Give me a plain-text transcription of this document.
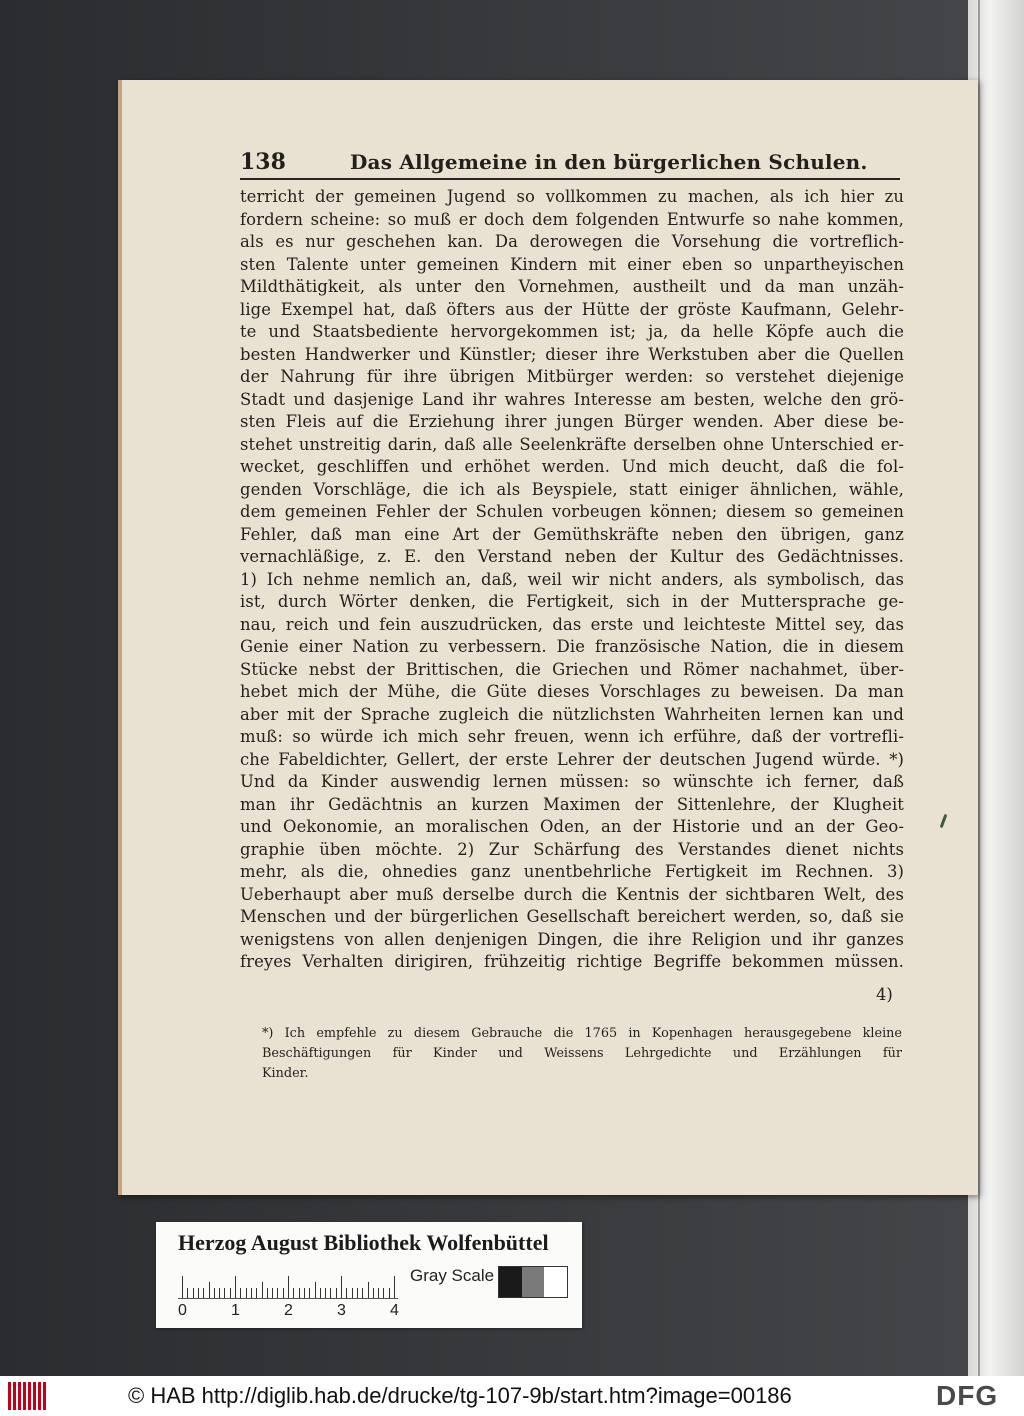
138	Das Allgemeine in den bürgerlichen Schulen.
terricht der gemeinen Jugend so vollkommen zu machen, als ich hier zu
fordern scheine: so muß er doch dem folgenden Entwurfe so nahe kommen,
als es nur geschehen kan. Da derowegen die Vorsehung die vortreflich-
sten Talente unter gemeinen Kindern mit einer eben so unpartheyischen
Mildthätigkeit, als unter den Vornehmen, austheilt und da man unzäh-
lige Exempel hat, daß öfters aus der Hütte der gröste Kaufmann, Gelehr-
te und Staatsbediente hervorgekommen ist; ja, da helle Köpfe auch die
besten Handwerker und Künstler; dieser ihre Werkstuben aber die Quellen
der Nahrung für ihre übrigen Mitbürger werden: so verstehet diejenige
Stadt und dasjenige Land ihr wahres Interesse am besten, welche den grö-
sten Fleis auf die Erziehung ihrer jungen Bürger wenden. Aber diese be-
stehet unstreitig darin, daß alle Seelenkräfte derselben ohne Unterschied er-
wecket, geschliffen und erhöhet werden. Und mich deucht, daß die fol-
genden Vorschläge, die ich als Beyspiele, statt einiger ähnlichen, wähle,
dem gemeinen Fehler der Schulen vorbeugen können; diesem so gemeinen
Fehler, daß man eine Art der Gemüthskräfte neben den übrigen, ganz
vernachläßige, z. E. den Verstand neben der Kultur des Gedächtnisses.
1) Ich nehme nemlich an, daß, weil wir nicht anders, als symbolisch, das
ist, durch Wörter denken, die Fertigkeit, sich in der Muttersprache ge-
nau, reich und fein auszudrücken, das erste und leichteste Mittel sey, das
Genie einer Nation zu verbessern. Die französische Nation, die in diesem
Stücke nebst der Brittischen, die Griechen und Römer nachahmet, über-
hebet mich der Mühe, die Güte dieses Vorschlages zu beweisen. Da man
aber mit der Sprache zugleich die nützlichsten Wahrheiten lernen kan und
muß: so würde ich mich sehr freuen, wenn ich erführe, daß der vortrefli-
che Fabeldichter, Gellert, der erste Lehrer der deutschen Jugend würde. *)
Und da Kinder auswendig lernen müssen: so wünschte ich ferner, daß
man ihr Gedächtnis an kurzen Maximen der Sittenlehre, der Klugheit
und Oekonomie, an moralischen Oden, an der Historie und an der Geo-
graphie üben möchte. 2) Zur Schärfung des Verstandes dienet nichts
mehr, als die, ohnedies ganz unentbehrliche Fertigkeit im Rechnen. 3)
Ueberhaupt aber muß derselbe durch die Kentnis der sichtbaren Welt, des
Menschen und der bürgerlichen Gesellschaft bereichert werden, so, daß sie
wenigstens von allen denjenigen Dingen, die ihre Religion und ihr ganzes
freyes Verhalten dirigiren, frühzeitig richtige Begriffe bekommen müssen.
4)
*) Ich empfehle zu diesem Gebrauche die 1765 in Kopenhagen herausgegebene kleine
Beschäftigungen für Kinder und Weissens Lehrgedichte und Erzählungen für
Kinder.
Herzog August Bibliothek Wolfenbüttel
Gray Scale
0	1	2	3	4
© HAB http://diglib.hab.de/drucke/tg-107-9b/start.htm?image=00186	DFG
